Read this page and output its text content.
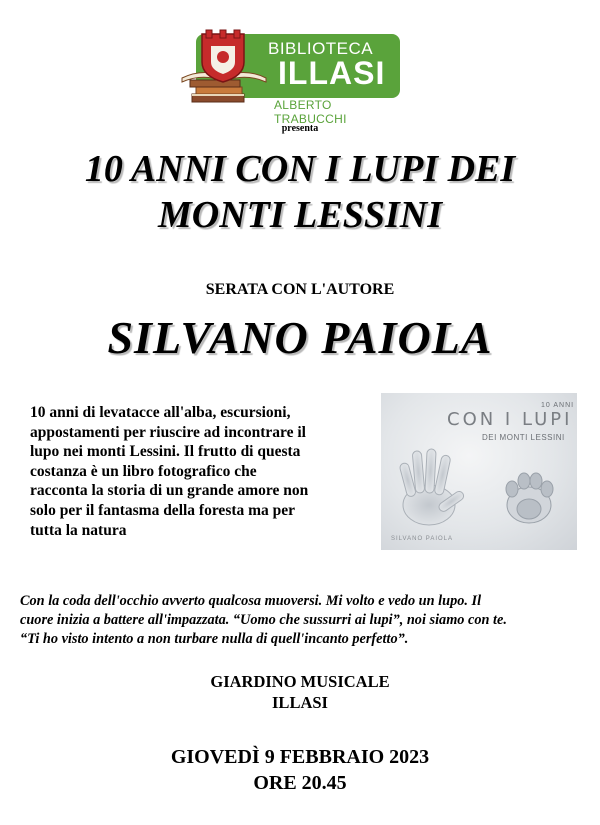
BIBLIOTECA
ILLASI
ALBERTO TRABUCCHI
presenta
10 ANNI CON I LUPI DEI
MONTI LESSINI
SERATA CON L'AUTORE
SILVANO PAIOLA
10 anni di levatacce all'alba, escursioni,
appostamenti per riuscire ad incontrare il
lupo nei monti Lessini. Il frutto di questa
costanza è un libro fotografico che
racconta la storia di un grande amore non
solo per il fantasma della foresta ma per
tutta la natura
10 ANNI
CON I LUPI
DEI MONTI LESSINI
SILVANO PAIOLA
Con la coda dell'occhio avverto qualcosa muoversi. Mi volto e vedo un lupo. Il
cuore inizia a battere all'impazzata. “Uomo che sussurri ai lupi”, noi siamo con te.
“Ti ho visto intento a non turbare nulla di quell'incanto perfetto”.
GIARDINO MUSICALE
ILLASI
GIOVEDÌ 9 FEBBRAIO 2023
ORE 20.45
